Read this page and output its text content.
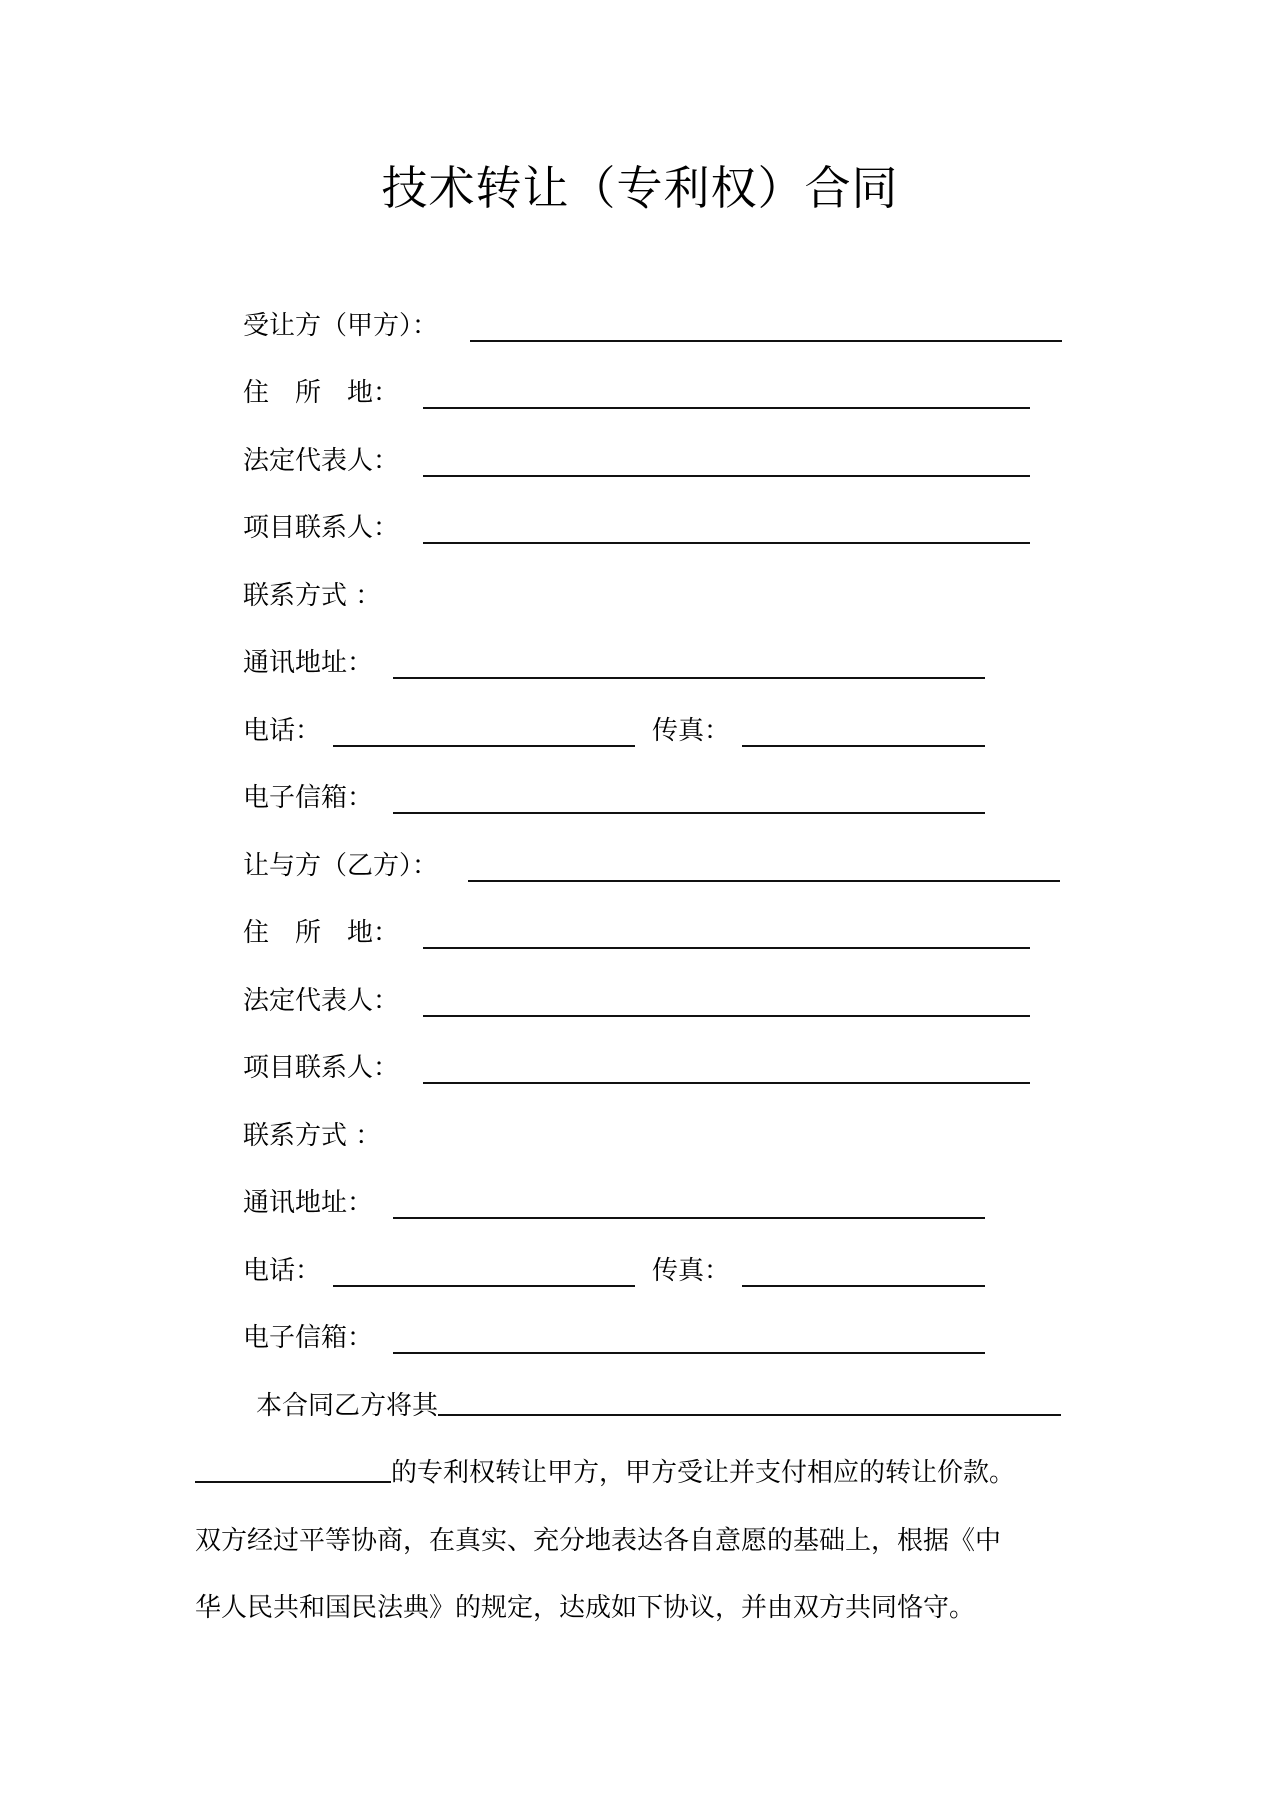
技术转让（专利权）合同
受让方（甲方）：
住　所　地：
法定代表人：
项目联系人：
联系方式 ：
通讯地址：
电话：	传真：
电子信箱：
让与方（乙方）：
住　所　地：
法定代表人：
项目联系人：
联系方式 ：
通讯地址：
电话：	传真：
电子信箱：
本合同乙方将其
的专利权转让甲方，甲方受让并支付相应的转让价款。
双方经过平等协商，在真实、充分地表达各自意愿的基础上，根据《中
华人民共和国民法典》的规定，达成如下协议，并由双方共同恪守。
